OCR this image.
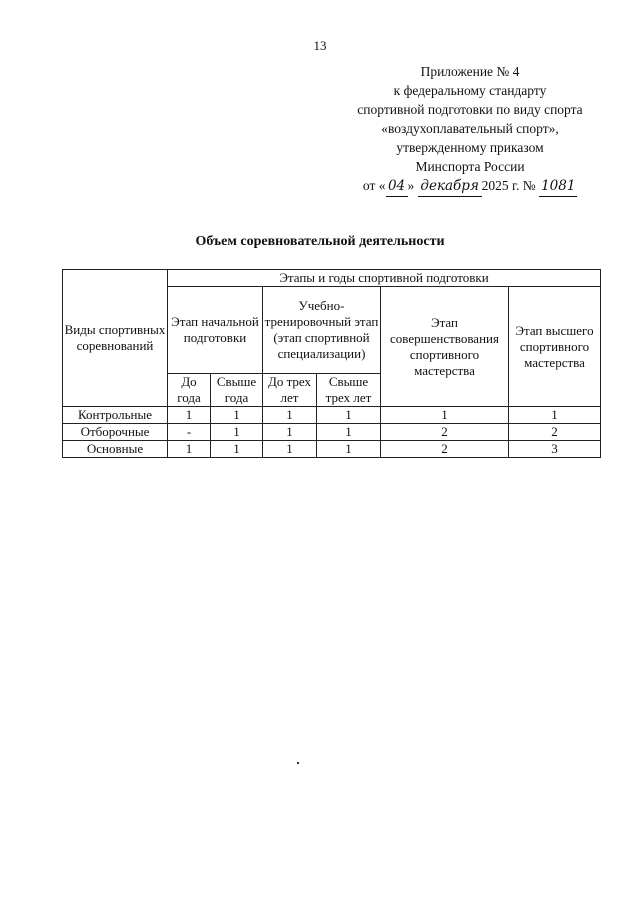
13
Приложение № 4
к федеральному стандарту
спортивной подготовки по виду спорта
«воздухоплавательный спорт»,
утвержденному приказом
Минспорта России
от « 04 » декабря 2025 г. № 1081
Объем соревновательной деятельности
Виды спортивных соревнований	Этапы и годы спортивной подготовки					
	Этап начальной подготовки		Учебно-тренировочный этап (этап спортивной специализации)		Этап совершенствования спортивного мастерства	Этап высшего спортивного мастерства
	До года	Свыше года	До трех лет	Свыше трех лет		
Контрольные	1	1	1	1	1	1
Отборочные	-	1	1	1	2	2
Основные	1	1	1	1	2	3
